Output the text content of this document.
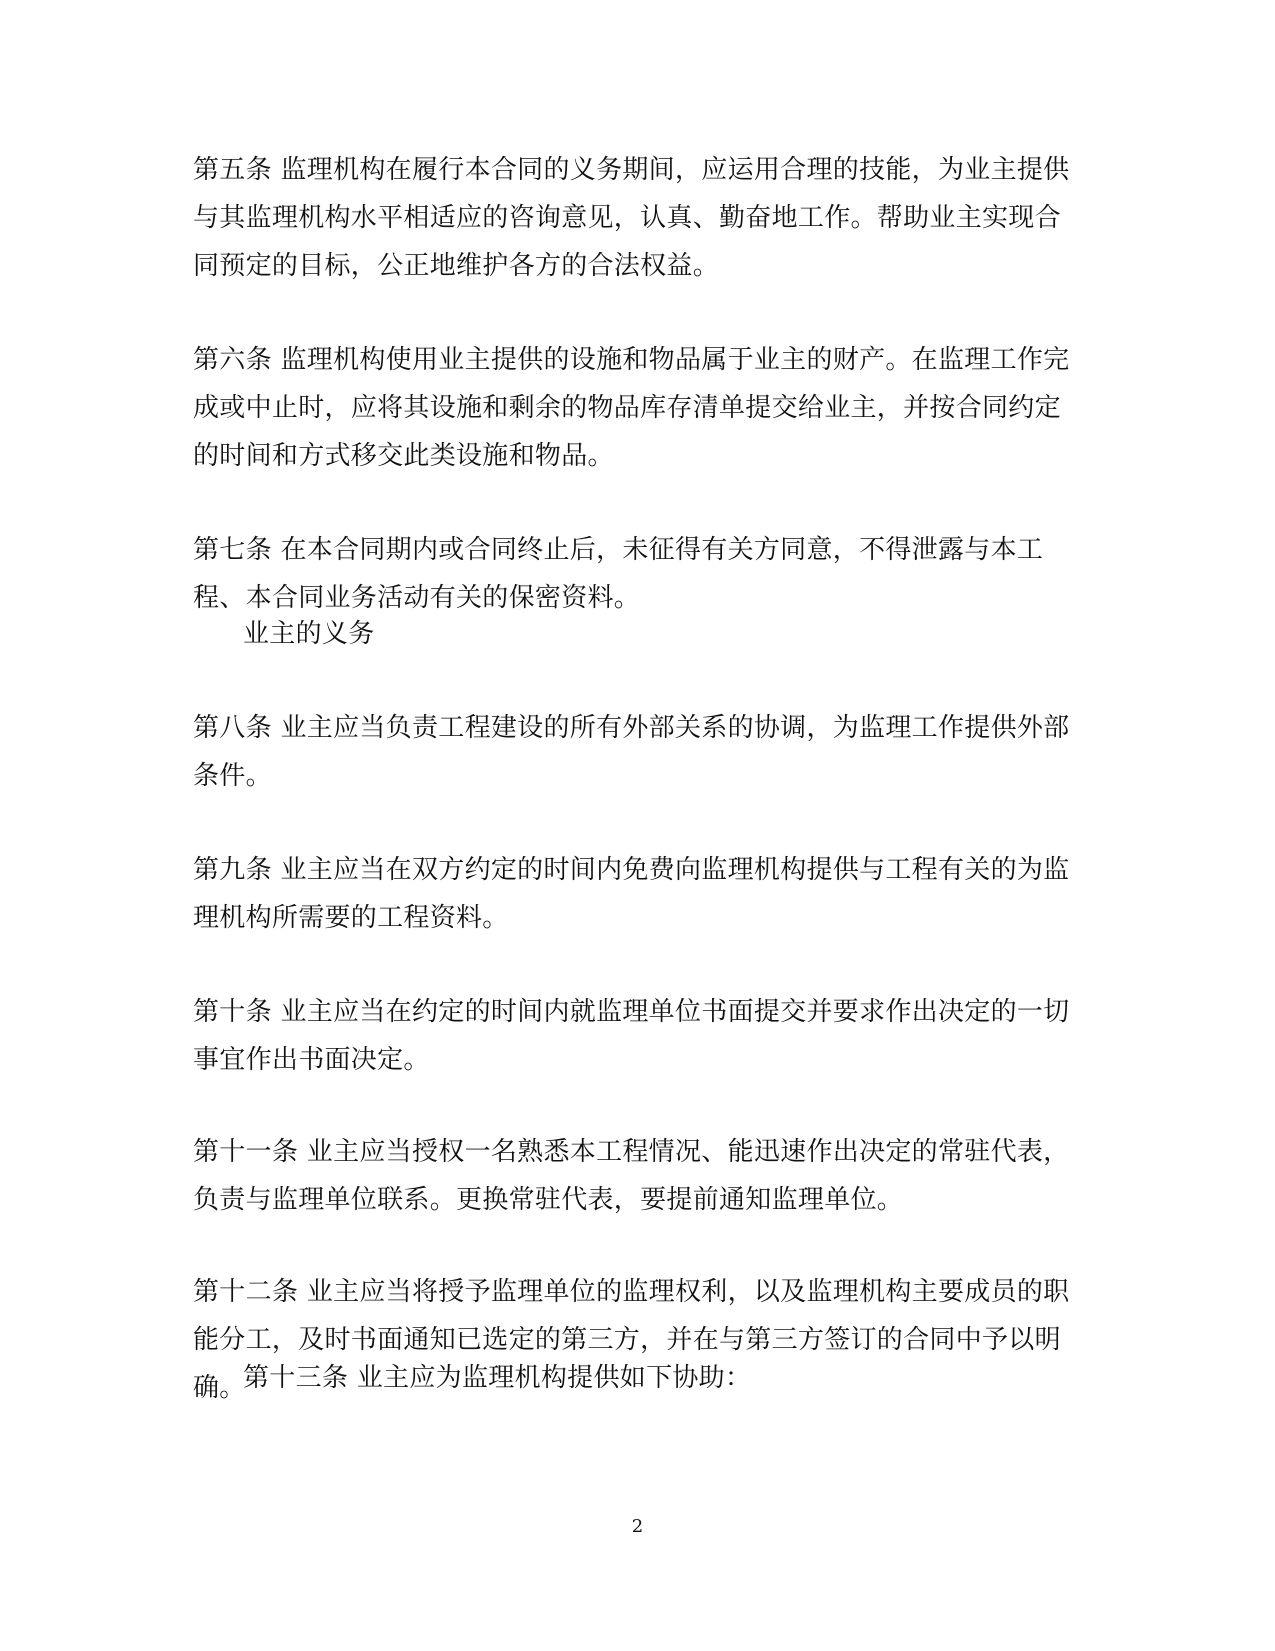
第五条 监理机构在履行本合同的义务期间，应运用合理的技能，为业主提供与其监理机构水平相适应的咨询意见，认真、勤奋地工作。帮助业主实现合同预定的目标，公正地维护各方的合法权益。

第六条 监理机构使用业主提供的设施和物品属于业主的财产。在监理工作完成或中止时，应将其设施和剩余的物品库存清单提交给业主，并按合同约定的时间和方式移交此类设施和物品。

第七条 在本合同期内或合同终止后，未征得有关方同意，不得泄露与本工程、本合同业务活动有关的保密资料。

业主的义务

第八条 业主应当负责工程建设的所有外部关系的协调，为监理工作提供外部条件。

第九条 业主应当在双方约定的时间内免费向监理机构提供与工程有关的为监理机构所需要的工程资料。

第十条 业主应当在约定的时间内就监理单位书面提交并要求作出决定的一切事宜作出书面决定。

第十一条 业主应当授权一名熟悉本工程情况、能迅速作出决定的常驻代表，负责与监理单位联系。更换常驻代表，要提前通知监理单位。

第十二条 业主应当将授予监理单位的监理权利，以及监理机构主要成员的职能分工，及时书面通知已选定的第三方，并在与第三方签订的合同中予以明确。

第十三条 业主应为监理机构提供如下协助：

2
